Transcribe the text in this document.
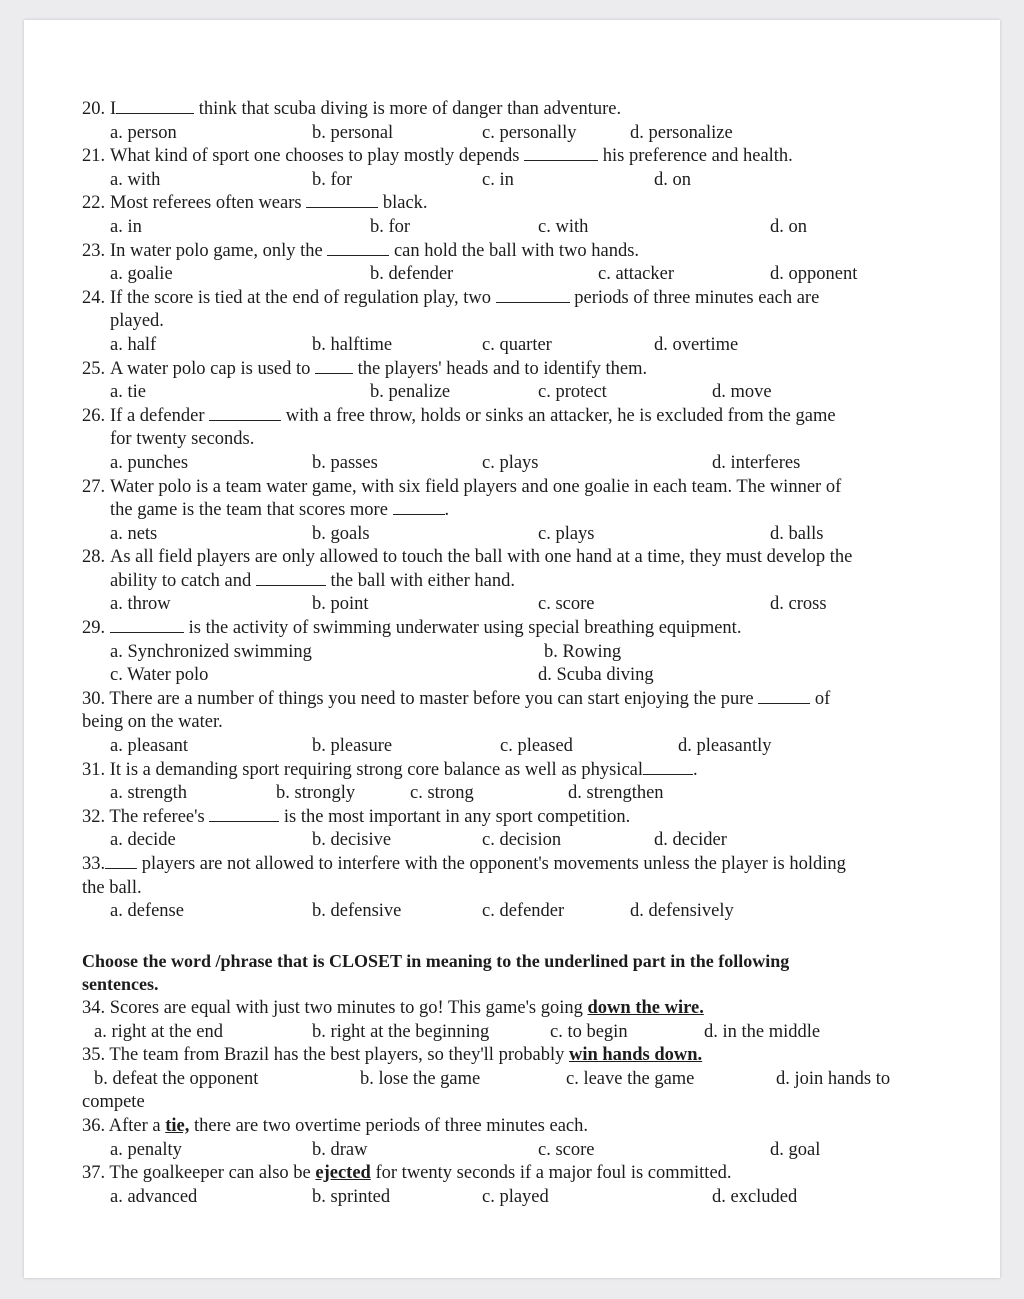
20. I	think that scuba diving is more of danger than adventure.
a. person	b. personal	c. personally	d. personalize
21. What kind of sport one chooses to play mostly depends	his preference and health.
a. with	b. for	c. in	d. on
22. Most referees often wears	black.
a. in	b. for	c. with	d. on
23. In water polo game, only the	can hold the ball with two hands.
a. goalie	b. defender	c. attacker	d. opponent
24. If the score is tied at the end of regulation play, two	periods of three minutes each are
played.
a. half	b. halftime	c. quarter	d. overtime
25. A water polo cap is used to	the players' heads and to identify them.
a. tie	b. penalize	c. protect	d. move
26. If a defender	with a free throw, holds or sinks an attacker, he is excluded from the game
for twenty seconds.
a. punches	b. passes	c. plays	d. interferes
27. Water polo is a team water game, with six field players and one goalie in each team. The winner of
the game is the team that scores more	.
a. nets	b. goals	c. plays	d. balls
28. As all field players are only allowed to touch the ball with one hand at a time, they must develop the
ability to catch and	the ball with either hand.
a. throw	b. point	c. score	d. cross
29.	is the activity of swimming underwater using special breathing equipment.
a. Synchronized swimming	b. Rowing
c. Water polo	d. Scuba diving
30. There are a number of things you need to master before you can start enjoying the pure	of
being on the water.
a. pleasant	b. pleasure	c. pleased	d. pleasantly
31. It is a demanding sport requiring strong core balance as well as physical	.
a. strength	b. strongly	c. strong	d. strengthen
32. The referee's	is the most important in any sport competition.
a. decide	b. decisive	c. decision	d. decider
33. players are not allowed to interfere with the opponent's movements unless the player is holding
the ball.
a. defense	b. defensive	c. defender	d. defensively
Choose the word /phrase that is CLOSET in meaning to the underlined part in the following
sentences.
34. Scores are equal with just two minutes to go! This game's going down the wire.
a. right at the end	b. right at the beginning	c. to begin	d. in the middle
35. The team from Brazil has the best players, so they'll probably win hands down.
b. defeat the opponent	b. lose the game	c. leave the game	d. join hands to
compete
36. After a tie, there are two overtime periods of three minutes each.
a. penalty	b. draw	c. score	d. goal
37. The goalkeeper can also be ejected for twenty seconds if a major foul is committed.
a. advanced	b. sprinted	c. played	d. excluded
